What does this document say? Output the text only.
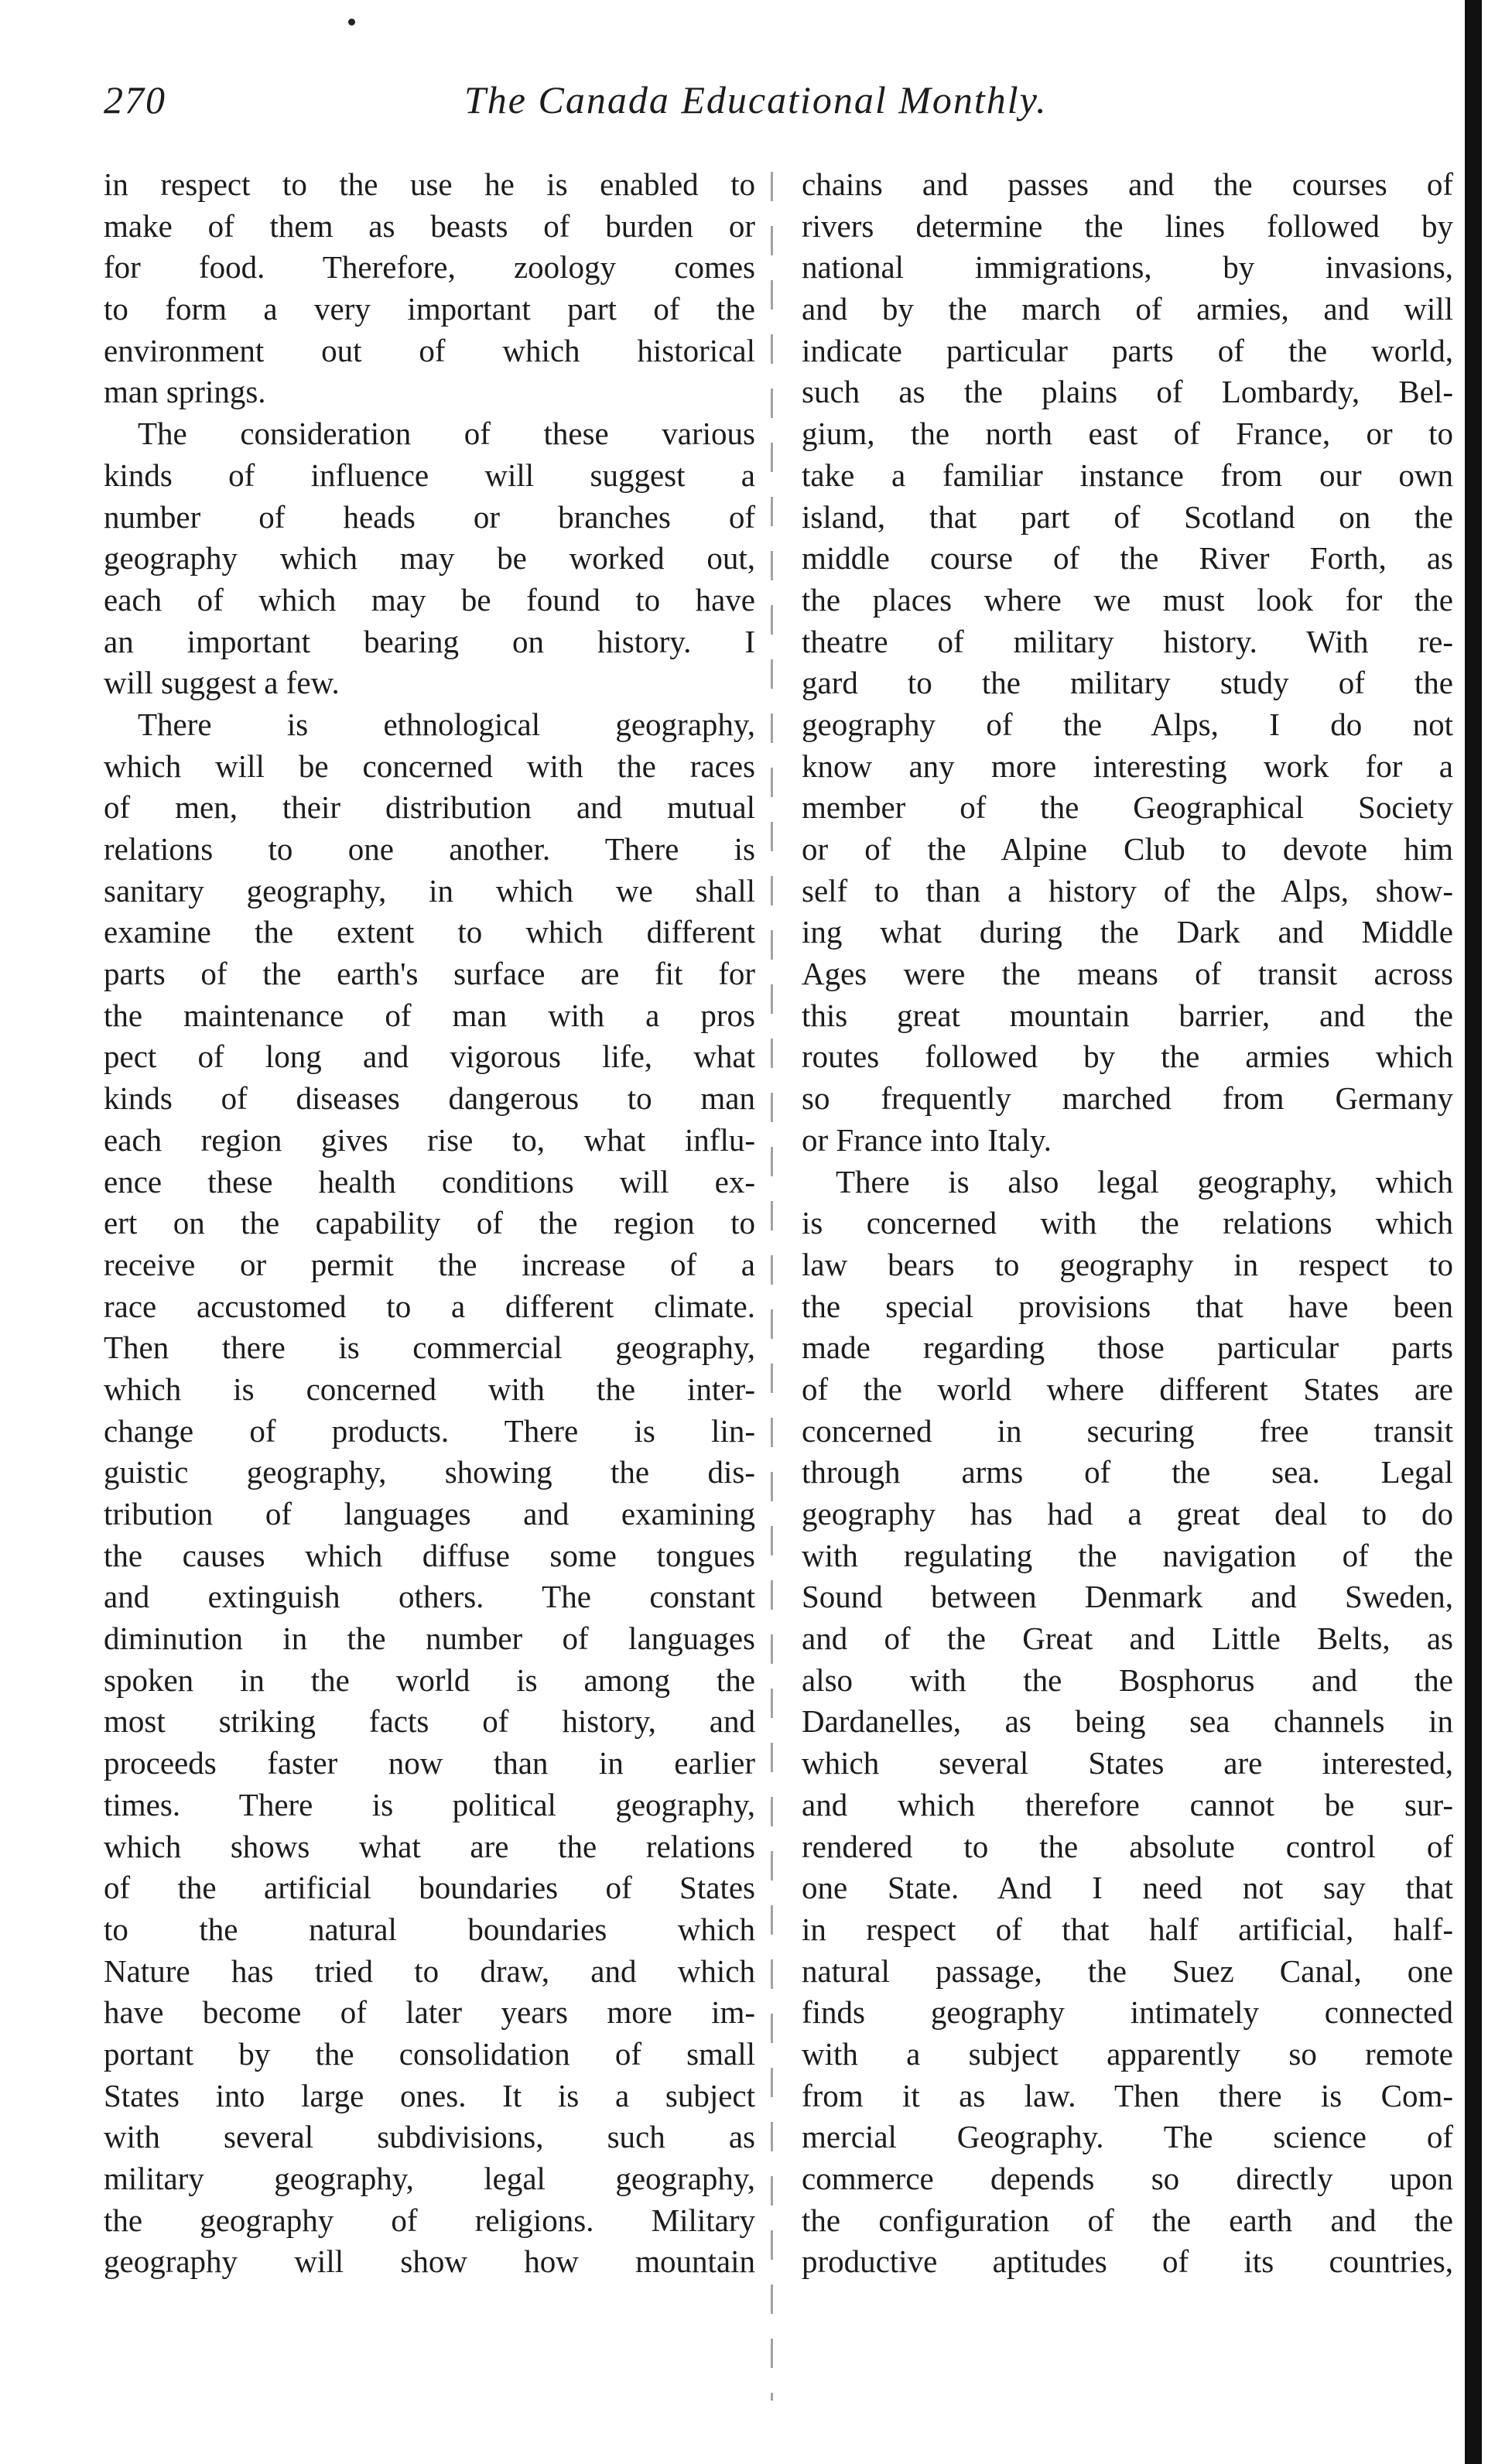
270	The Canada Educational Monthly.
in respect to the use he is enabled to
make of them as beasts of burden or
for food. Therefore, zoology comes
to form a very important part of the
environment out of which historical
man springs.
The consideration of these various
kinds of influence will suggest a
number of heads or branches of
geography which may be worked out,
each of which may be found to have
an important bearing on history. I
will suggest a few.
There is ethnological geography,
which will be concerned with the races
of men, their distribution and mutual
relations to one another. There is
sanitary geography, in which we shall
examine the extent to which different
parts of the earth's surface are fit for
the maintenance of man with a pros
pect of long and vigorous life, what
kinds of diseases dangerous to man
each region gives rise to, what influ-
ence these health conditions will ex-
ert on the capability of the region to
receive or permit the increase of a
race accustomed to a different climate.
Then there is commercial geography,
which is concerned with the inter-
change of products. There is lin-
guistic geography, showing the dis-
tribution of languages and examining
the causes which diffuse some tongues
and extinguish others. The constant
diminution in the number of languages
spoken in the world is among the
most striking facts of history, and
proceeds faster now than in earlier
times. There is political geography,
which shows what are the relations
of the artificial boundaries of States
to the natural boundaries which
Nature has tried to draw, and which
have become of later years more im-
portant by the consolidation of small
States into large ones. It is a subject
with several subdivisions, such as
military geography, legal geography,
the geography of religions. Military
geography will show how mountain
chains and passes and the courses of
rivers determine the lines followed by
national immigrations, by invasions,
and by the march of armies, and will
indicate particular parts of the world,
such as the plains of Lombardy, Bel-
gium, the north east of France, or to
take a familiar instance from our own
island, that part of Scotland on the
middle course of the River Forth, as
the places where we must look for the
theatre of military history. With re-
gard to the military study of the
geography of the Alps, I do not
know any more interesting work for a
member of the Geographical Society
or of the Alpine Club to devote him
self to than a history of the Alps, show-
ing what during the Dark and Middle
Ages were the means of transit across
this great mountain barrier, and the
routes followed by the armies which
so frequently marched from Germany
or France into Italy.
There is also legal geography, which
is concerned with the relations which
law bears to geography in respect to
the special provisions that have been
made regarding those particular parts
of the world where different States are
concerned in securing free transit
through arms of the sea. Legal
geography has had a great deal to do
with regulating the navigation of the
Sound between Denmark and Sweden,
and of the Great and Little Belts, as
also with the Bosphorus and the
Dardanelles, as being sea channels in
which several States are interested,
and which therefore cannot be sur-
rendered to the absolute control of
one State. And I need not say that
in respect of that half artificial, half-
natural passage, the Suez Canal, one
finds geography intimately connected
with a subject apparently so remote
from it as law. Then there is Com-
mercial Geography. The science of
commerce depends so directly upon
the configuration of the earth and the
productive aptitudes of its countries,
